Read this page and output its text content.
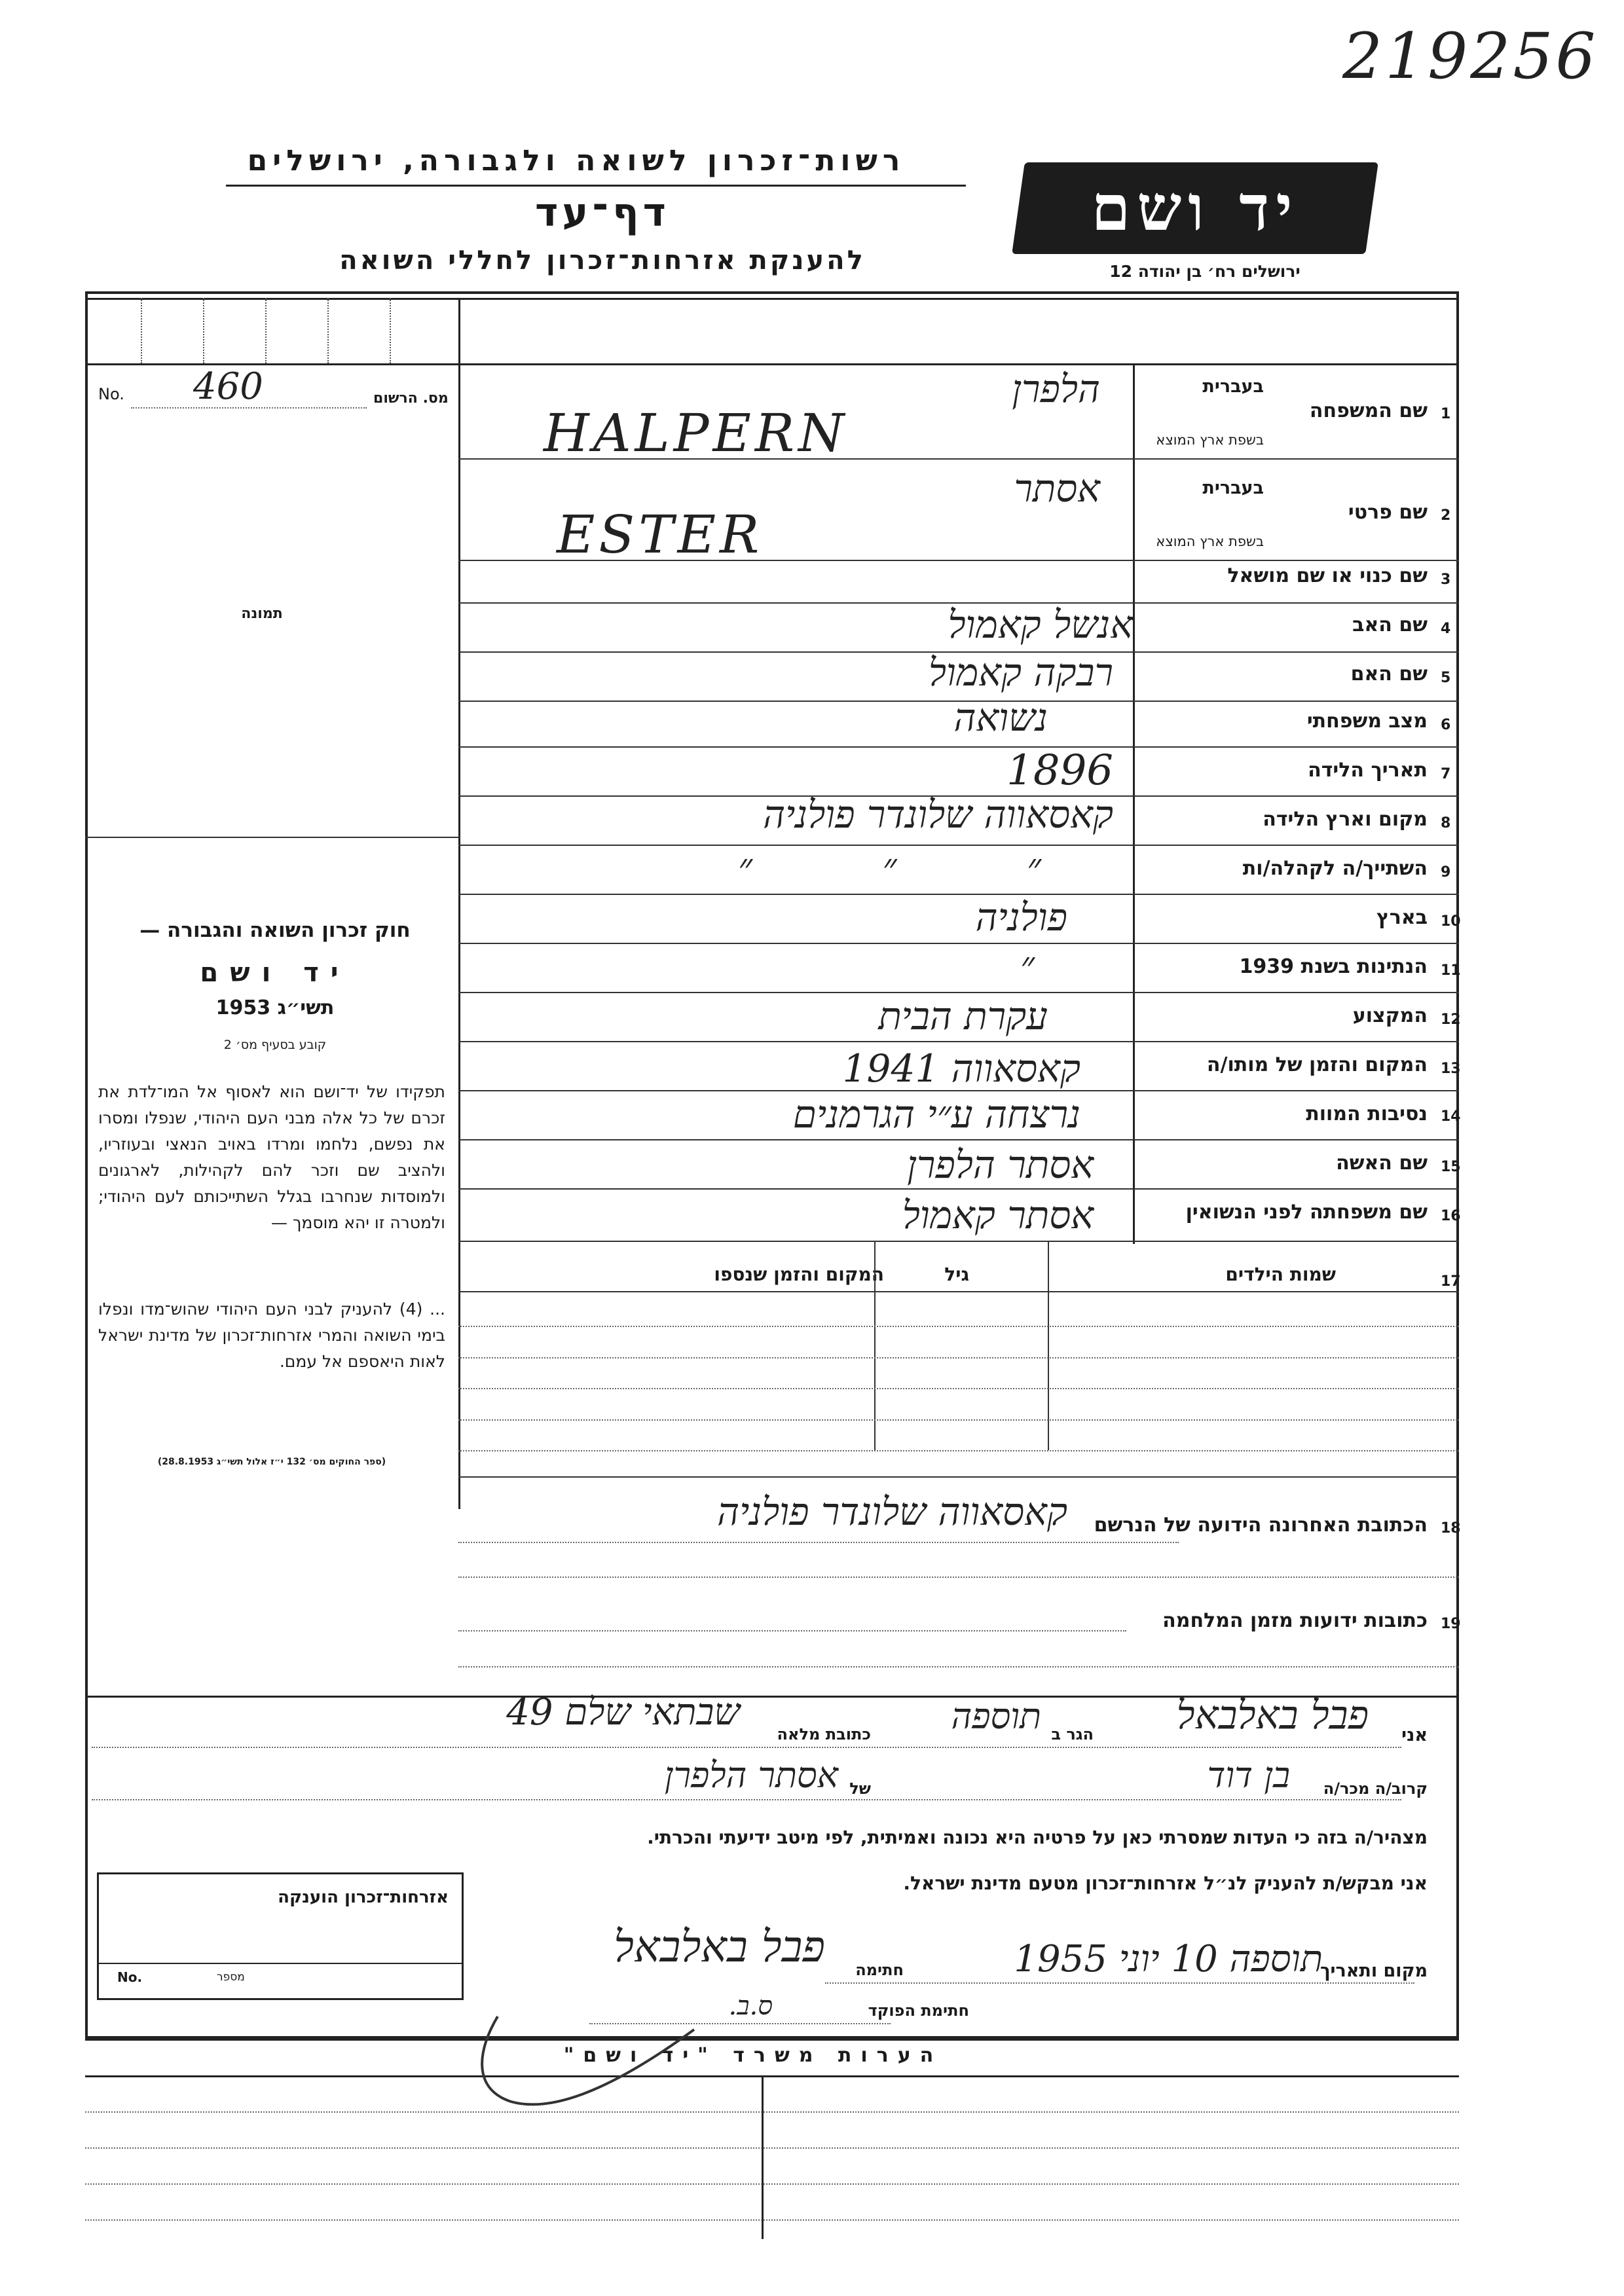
219256
רשות־זכרון לשואה ולגבורה, ירושלים
דף־עד
להענקת אזרחות־זכרון לחללי השואה
יד ושם
ירושלים רח׳ בן יהודה 12
No. 460	מס. הרשום
תמונה
חוק זכרון השואה והגבורה —
יד ושם
תשי״ג 1953
קובע בסעיף מס׳ 2
תפקידו של יד־ושם הוא לאסוף אל המו־לדת את זכרם של כל אלה מבני העם היהודי, שנפלו ומסרו את נפשם, נלחמו ומרדו באויב הנאצי ובעוזריו, ולהציב שם וזכר להם לקהילות, לארגונים ולמוסדות שנחרבו בגלל השתייכותם לעם היהודי; ולמטרה זו יהא מוסמך —
... (4) להעניק לבני העם היהודי שהוש־מדו ונפלו בימי השואה והמרי אזרחות־זכרון של מדינת ישראל לאות היאספם אל עמם.
(ספר החוקים מס׳ 132 י״ז אלול תשי״ג 28.8.1953)
1
שם המשפחה
בעברית
בשפת ארץ המוצא
הלפרן
HALPERN
2
שם פרטי
בעברית
בשפת ארץ המוצא
אסתר
ESTER
3
שם כנוי או שם מושאל
4
שם האב
אנשל קאמול
5
שם האם
רבקה קאמול
6
מצב משפחתי
נשואה
7
תאריך הלידה
1896
8
מקום וארץ הלידה
קאסאווה שלונדר פולניה
9
השתייך/ה לקהלה/ות
״ ״ ״
10
בארץ
פולניה
11
הנתינות בשנת 1939
״
12
המקצוע
עקרת הבית
13
המקום והזמן של מותו/ה
קאסאווה 1941
14
נסיבות המוות
נרצחה ע״י הגרמנים
15
שם האשה
אסתר הלפרן
16
שם משפחתה לפני הנשואין
אסתר קאמול
17
שמות הילדים
גיל
המקום והזמן שנספו
18
הכתובת האחרונה הידועה של הנרשם
קאסאווה שלונדר פולניה
19
כתובות ידועות מזמן המלחמה
אני
פבל באלבאל
הגר ב
תוספה
כתובת מלאה
שבתאי שלם 49
קרוב/ה מכר/ה
בן דוד
של
אסתר הלפרן
מצהיר/ה בזה כי העדות שמסרתי כאן על פרטיה היא נכונה ואמיתית, לפי מיטב ידיעתי והכרתי.
אני מבקש/ת להעניק לנ״ל אזרחות־זכרון מטעם מדינת ישראל.
מקום ותאריך
תוספה 10 יוני 1955
חתימה
פבל באלבאל
חתימת הפוקד
ס.ב.
אזרחות־זכרון הוענקה
No.	מספר
הערות משרד "יד ושם"
